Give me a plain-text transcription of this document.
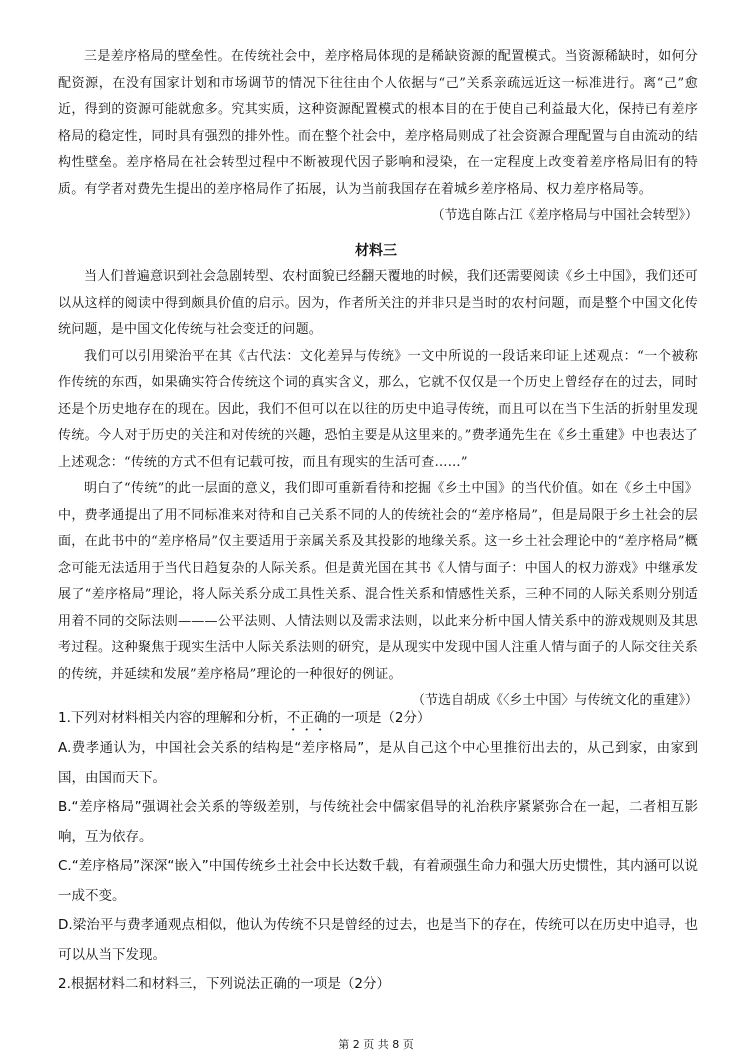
三是差序格局的壁垒性。在传统社会中，差序格局体现的是稀缺资源的配置模式。当资源稀缺时，如何分配资源，在没有国家计划和市场调节的情况下往往由个人依据与“己”关系亲疏远近这一标准进行。离“己”愈近，得到的资源可能就愈多。究其实质，这种资源配置模式的根本目的在于使自己利益最大化，保持已有差序格局的稳定性，同时具有强烈的排外性。而在整个社会中，差序格局则成了社会资源合理配置与自由流动的结构性壁垒。差序格局在社会转型过程中不断被现代因子影响和浸染，在一定程度上改变着差序格局旧有的特质。有学者对费先生提出的差序格局作了拓展，认为当前我国存在着城乡差序格局、权力差序格局等。

（节选自陈占江《差序格局与中国社会转型》）

材料三

当人们普遍意识到社会急剧转型、农村面貌已经翻天覆地的时候，我们还需要阅读《乡土中国》，我们还可以从这样的阅读中得到颇具价值的启示。因为，作者所关注的并非只是当时的农村问题，而是整个中国文化传统问题，是中国文化传统与社会变迁的问题。

我们可以引用梁治平在其《古代法：文化差异与传统》一文中所说的一段话来印证上述观点：“一个被称作传统的东西，如果确实符合传统这个词的真实含义，那么，它就不仅仅是一个历史上曾经存在的过去，同时还是个历史地存在的现在。因此，我们不但可以在以往的历史中追寻传统，而且可以在当下生活的折射里发现传统。今人对于历史的关注和对传统的兴趣，恐怕主要是从这里来的。”费孝通先生在《乡土重建》中也表达了上述观念：“传统的方式不但有记载可按，而且有现实的生活可查……”

明白了“传统”的此一层面的意义，我们即可重新看待和挖掘《乡土中国》的当代价值。如在《乡土中国》中，费孝通提出了用不同标准来对待和自己关系不同的人的传统社会的“差序格局”，但是局限于乡土社会的层面，在此书中的“差序格局”仅主要适用于亲属关系及其投影的地缘关系。这一乡土社会理论中的“差序格局”概念可能无法适用于当代日趋复杂的人际关系。但是黄光国在其书《人情与面子：中国人的权力游戏》中继承发展了“差序格局”理论，将人际关系分成工具性关系、混合性关系和情感性关系，三种不同的人际关系则分别适用着不同的交际法则———公平法则、人情法则以及需求法则，以此来分析中国人情关系中的游戏规则及其思考过程。这种聚焦于现实生活中人际关系法则的研究，是从现实中发现中国人注重人情与面子的人际交往关系的传统，并延续和发展”差序格局”理论的一种很好的例证。

（节选自胡成《〈乡土中国〉与传统文化的重建》）

1.下列对材料相关内容的理解和分析，不正确的一项是（2分）

A.费孝通认为，中国社会关系的结构是“差序格局”，是从自己这个中心里推衍出去的，从己到家，由家到国，由国而天下。

B.“差序格局”强调社会关系的等级差别，与传统社会中儒家倡导的礼治秩序紧紧弥合在一起，二者相互影响，互为依存。

C.“差序格局”深深“嵌入”中国传统乡土社会中长达数千载，有着顽强生命力和强大历史惯性，其内涵可以说一成不变。

D.梁治平与费孝通观点相似，他认为传统不只是曾经的过去，也是当下的存在，传统可以在历史中追寻，也可以从当下发现。

2.根据材料二和材料三，下列说法正确的一项是（2分）

第 2 页 共 8 页
